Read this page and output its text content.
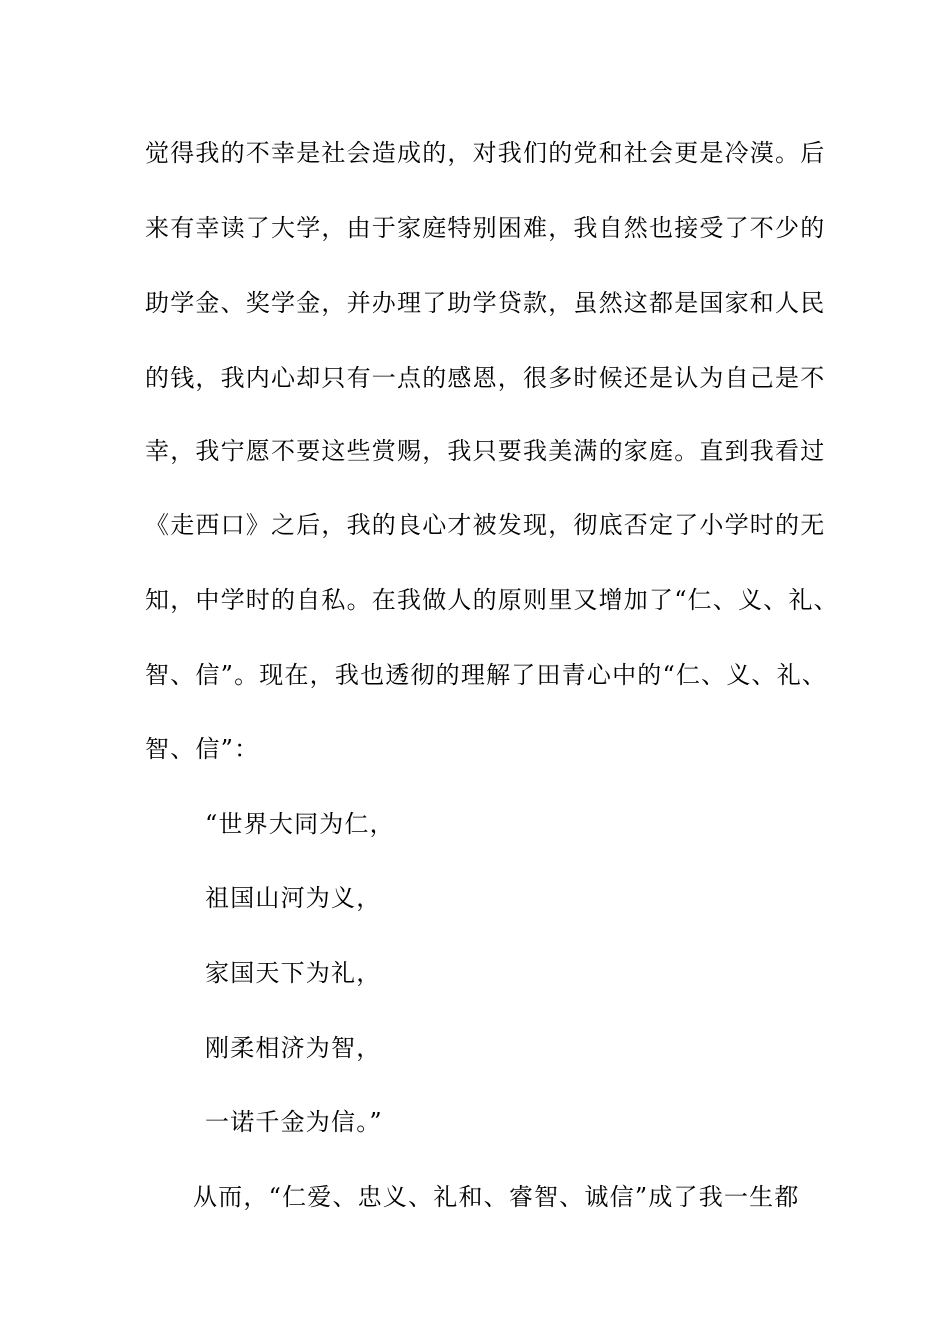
觉得我的不幸是社会造成的，对我们的党和社会更是冷漠。后
来有幸读了大学，由于家庭特别困难，我自然也接受了不少的
助学金、奖学金，并办理了助学贷款，虽然这都是国家和人民
的钱，我内心却只有一点的感恩，很多时候还是认为自己是不
幸，我宁愿不要这些赏赐，我只要我美满的家庭。直到我看过
《走西口》之后，我的良心才被发现，彻底否定了小学时的无
知，中学时的自私。在我做人的原则里又增加了“仁、义、礼、
智、信”。现在，我也透彻的理解了田青心中的“仁、义、礼、
智、信”：
“世界大同为仁，
祖国山河为义，
家国天下为礼，
刚柔相济为智，
一诺千金为信。”
从而，“仁爱、忠义、礼和、睿智、诚信”成了我一生都
